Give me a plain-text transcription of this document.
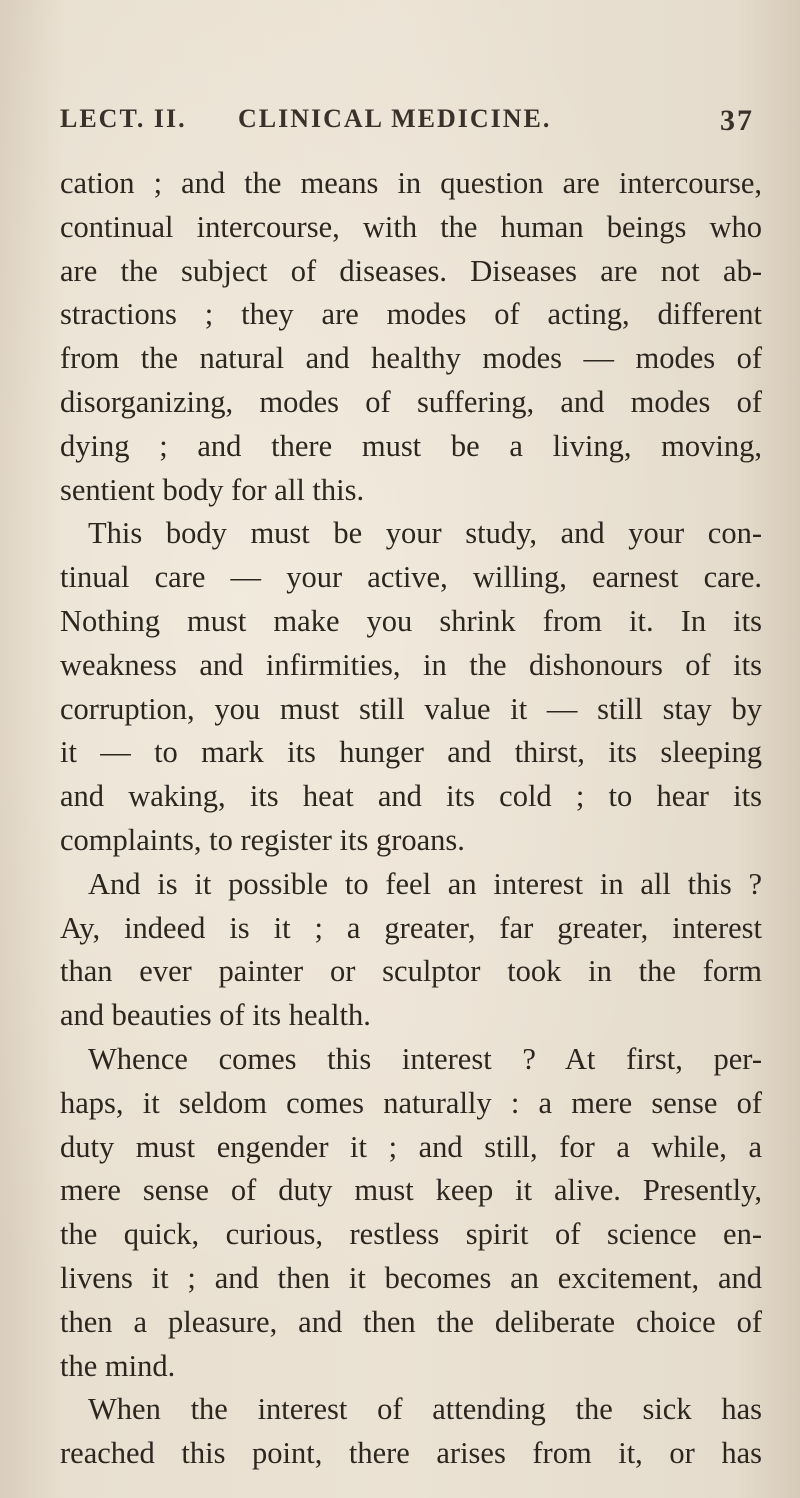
LECT. II. CLINICAL MEDICINE.	37
cation ; and the means in question are intercourse,
continual intercourse, with the human beings who
are the subject of diseases. Diseases are not ab-
stractions ; they are modes of acting, different
from the natural and healthy modes — modes of
disorganizing, modes of suffering, and modes of
dying ; and there must be a living, moving,
sentient body for all this.
This body must be your study, and your con-
tinual care — your active, willing, earnest care.
Nothing must make you shrink from it. In its
weakness and infirmities, in the dishonours of its
corruption, you must still value it — still stay by
it — to mark its hunger and thirst, its sleeping
and waking, its heat and its cold ; to hear its
complaints, to register its groans.
And is it possible to feel an interest in all this ?
Ay, indeed is it ; a greater, far greater, interest
than ever painter or sculptor took in the form
and beauties of its health.
Whence comes this interest ? At first, per-
haps, it seldom comes naturally : a mere sense of
duty must engender it ; and still, for a while, a
mere sense of duty must keep it alive. Presently,
the quick, curious, restless spirit of science en-
livens it ; and then it becomes an excitement, and
then a pleasure, and then the deliberate choice of
the mind.
When the interest of attending the sick has
reached this point, there arises from it, or has
